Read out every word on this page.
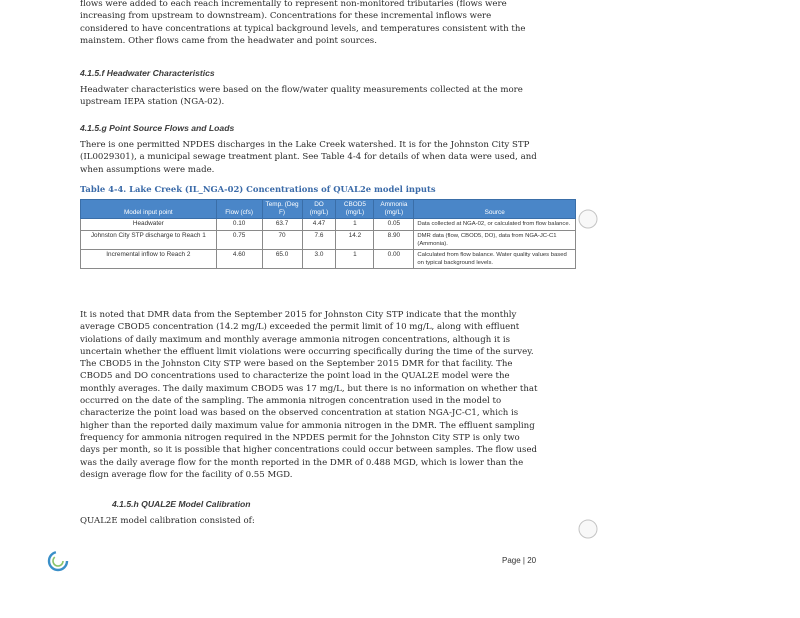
flows were added to each reach incrementally to represent non-monitored tributaries (flows were increasing from upstream to downstream). Concentrations for these incremental inflows were considered to have concentrations at typical background levels, and temperatures consistent with the mainstem. Other flows came from the headwater and point sources.

4.1.5.f Headwater Characteristics

Headwater characteristics were based on the flow/water quality measurements collected at the more upstream IEPA station (NGA-02).

4.1.5.g Point Source Flows and Loads

There is one permitted NPDES discharges in the Lake Creek watershed. It is for the Johnston City STP (IL0029301), a municipal sewage treatment plant. See Table 4-4 for details of when data were used, and when assumptions were made.

Table 4-4. Lake Creek (IL_NGA-02) Concentrations of QUAL2e model inputs

Model input point	Flow (cfs)	Temp. (Deg F)	DO (mg/L)	CBOD5 (mg/L)	Ammonia (mg/L)	Source
Headwater	0.10	63.7	4.47	1	0.05	Data collected at NGA-02, or calculated from flow balance.
Johnston City STP discharge to Reach 1	0.75	70	7.6	14.2	8.90	DMR data (flow, CBOD5, DO), data from NGA-JC-C1 (Ammonia).
Incremental inflow to Reach 2	4.60	65.0	3.0	1	0.00	Calculated from flow balance. Water quality values based on typical background levels.

It is noted that DMR data from the September 2015 for Johnston City STP indicate that the monthly average CBOD5 concentration (14.2 mg/L) exceeded the permit limit of 10 mg/L, along with effluent violations of daily maximum and monthly average ammonia nitrogen concentrations, although it is uncertain whether the effluent limit violations were occurring specifically during the time of the survey. The CBOD5 in the Johnston City STP were based on the September 2015 DMR for that facility. The CBOD5 and DO concentrations used to characterize the point load in the QUAL2E model were the monthly averages. The daily maximum CBOD5 was 17 mg/L, but there is no information on whether that occurred on the date of the sampling. The ammonia nitrogen concentration used in the model to characterize the point load was based on the observed concentration at station NGA-JC-C1, which is higher than the reported daily maximum value for ammonia nitrogen in the DMR. The effluent sampling frequency for ammonia nitrogen required in the NPDES permit for the Johnston City STP is only two days per month, so it is possible that higher concentrations could occur between samples. The flow used was the daily average flow for the month reported in the DMR of 0.488 MGD, which is lower than the design average flow for the facility of 0.55 MGD.

4.1.5.h QUAL2E Model Calibration

QUAL2E model calibration consisted of:

Page | 20
